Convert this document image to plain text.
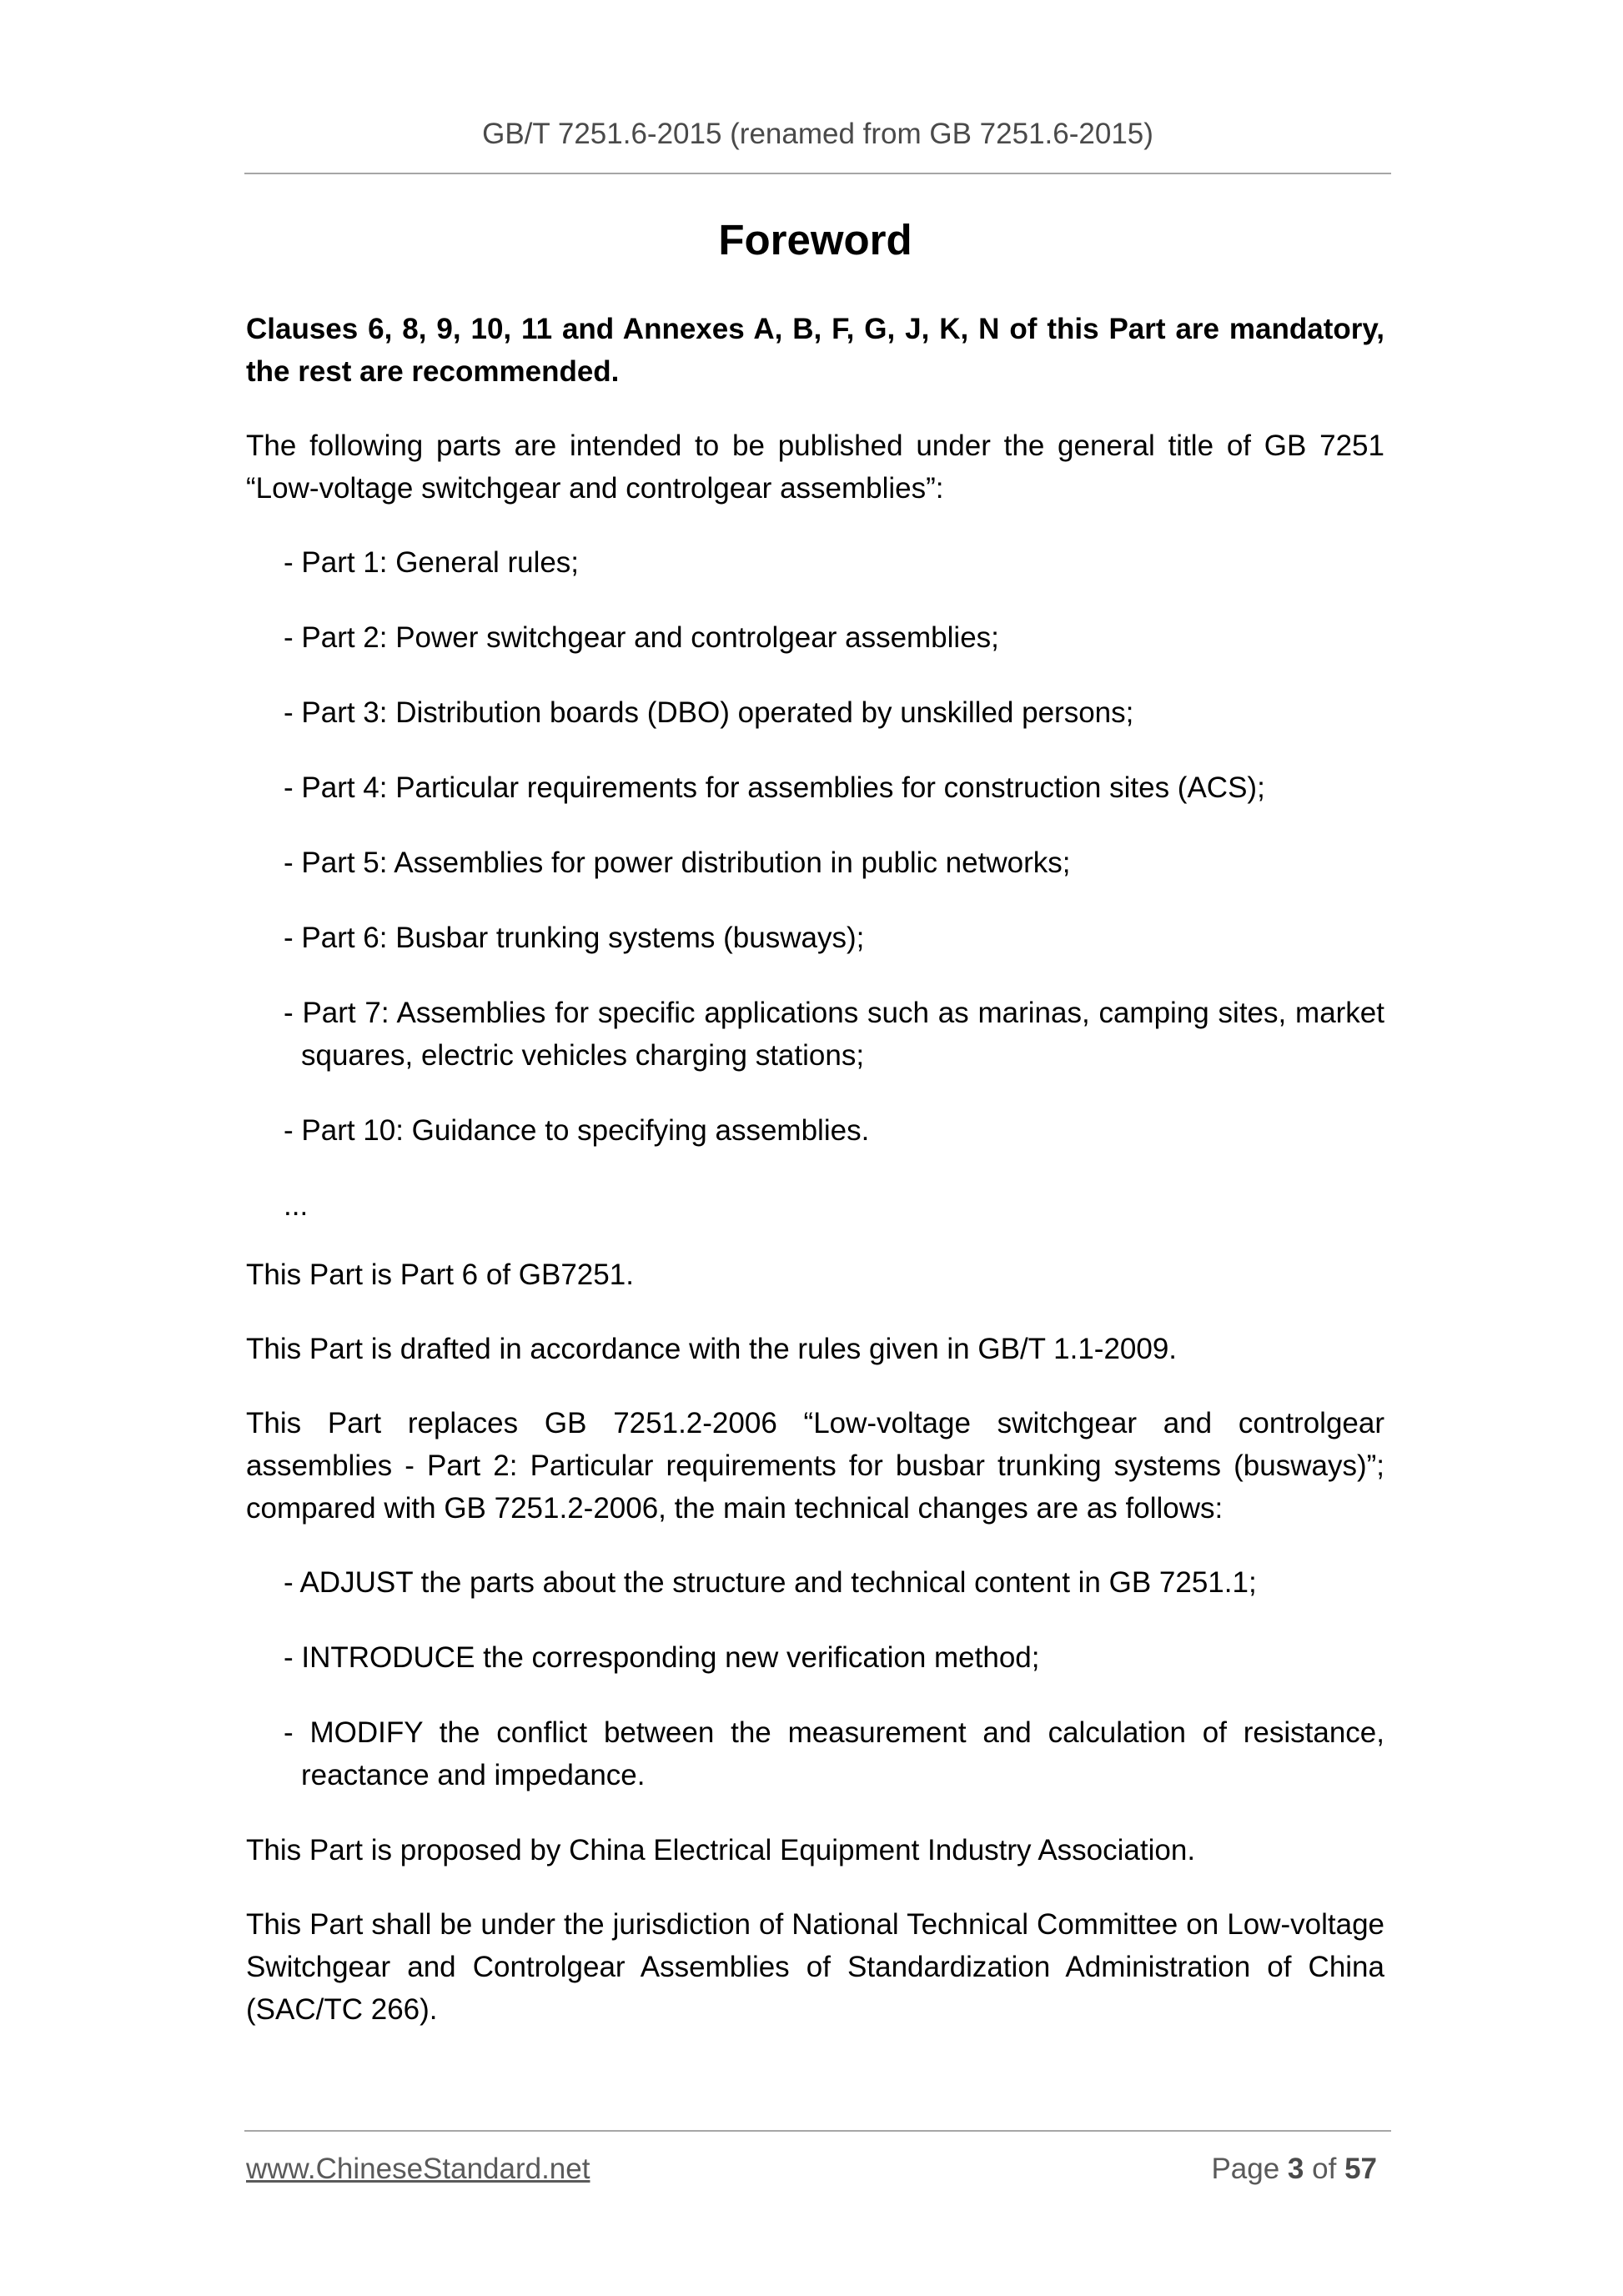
GB/T 7251.6-2015 (renamed from GB 7251.6-2015)
Foreword

Clauses 6, 8, 9, 10, 11 and Annexes A, B, F, G, J, K, N of this Part are mandatory, the rest are recommended.

The following parts are intended to be published under the general title of GB 7251 “Low-voltage switchgear and controlgear assemblies”:

- Part 1: General rules;

- Part 2: Power switchgear and controlgear assemblies;

- Part 3: Distribution boards (DBO) operated by unskilled persons;

- Part 4: Particular requirements for assemblies for construction sites (ACS);

- Part 5: Assemblies for power distribution in public networks;

- Part 6: Busbar trunking systems (busways);

- Part 7: Assemblies for specific applications such as marinas, camping sites, market squares, electric vehicles charging stations;

- Part 10: Guidance to specifying assemblies.

...

This Part is Part 6 of GB7251.

This Part is drafted in accordance with the rules given in GB/T 1.1-2009.

This Part replaces GB 7251.2-2006 “Low-voltage switchgear and controlgear assemblies - Part 2: Particular requirements for busbar trunking systems (busways)”; compared with GB 7251.2-2006, the main technical changes are as follows:

- ADJUST the parts about the structure and technical content in GB 7251.1;

- INTRODUCE the corresponding new verification method;

- MODIFY the conflict between the measurement and calculation of resistance, reactance and impedance.

This Part is proposed by China Electrical Equipment Industry Association.

This Part shall be under the jurisdiction of National Technical Committee on Low-voltage Switchgear and Controlgear Assemblies of Standardization Administration of China (SAC/TC 266).

www.ChineseStandard.net	Page 3 of 57
